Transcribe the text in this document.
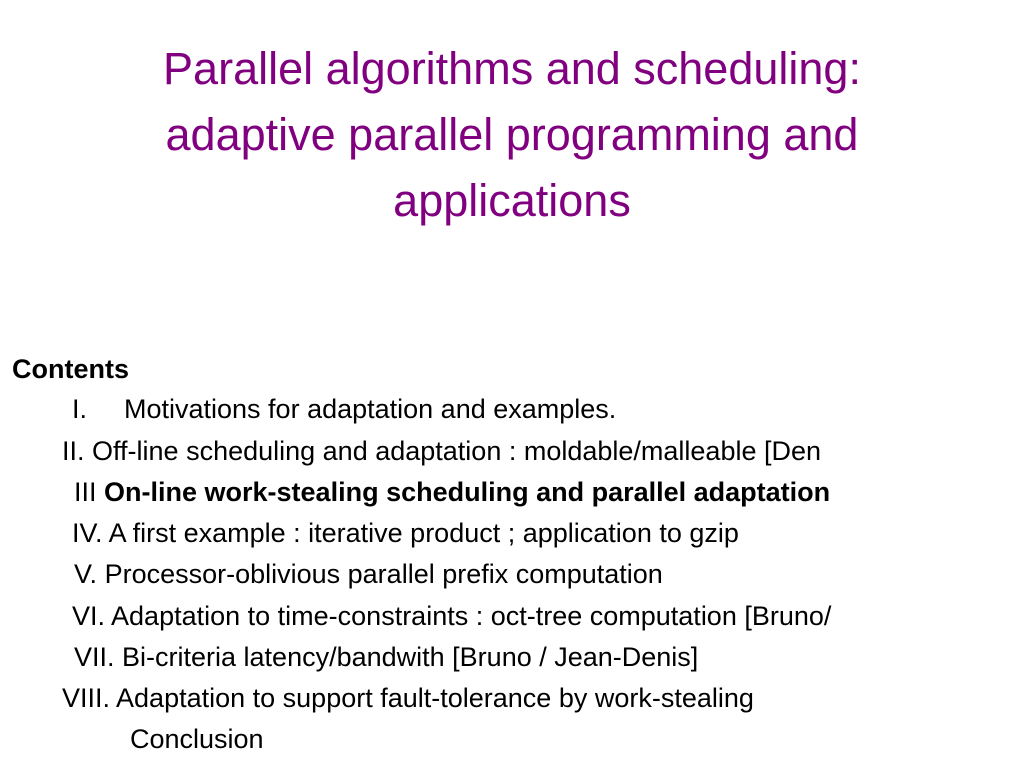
Parallel algorithms and scheduling:
adaptive parallel programming and
applications
Contents
I. Motivations for adaptation and examples.
II. Off-line scheduling and adaptation : moldable/malleable [Den
III On-line work-stealing scheduling and parallel adaptation
IV. A first example : iterative product ; application to gzip
V. Processor-oblivious parallel prefix computation
VI. Adaptation to time-constraints : oct-tree computation [Bruno/
VII. Bi-criteria latency/bandwith [Bruno / Jean-Denis]
VIII. Adaptation to support fault-tolerance by work-stealing
Conclusion
